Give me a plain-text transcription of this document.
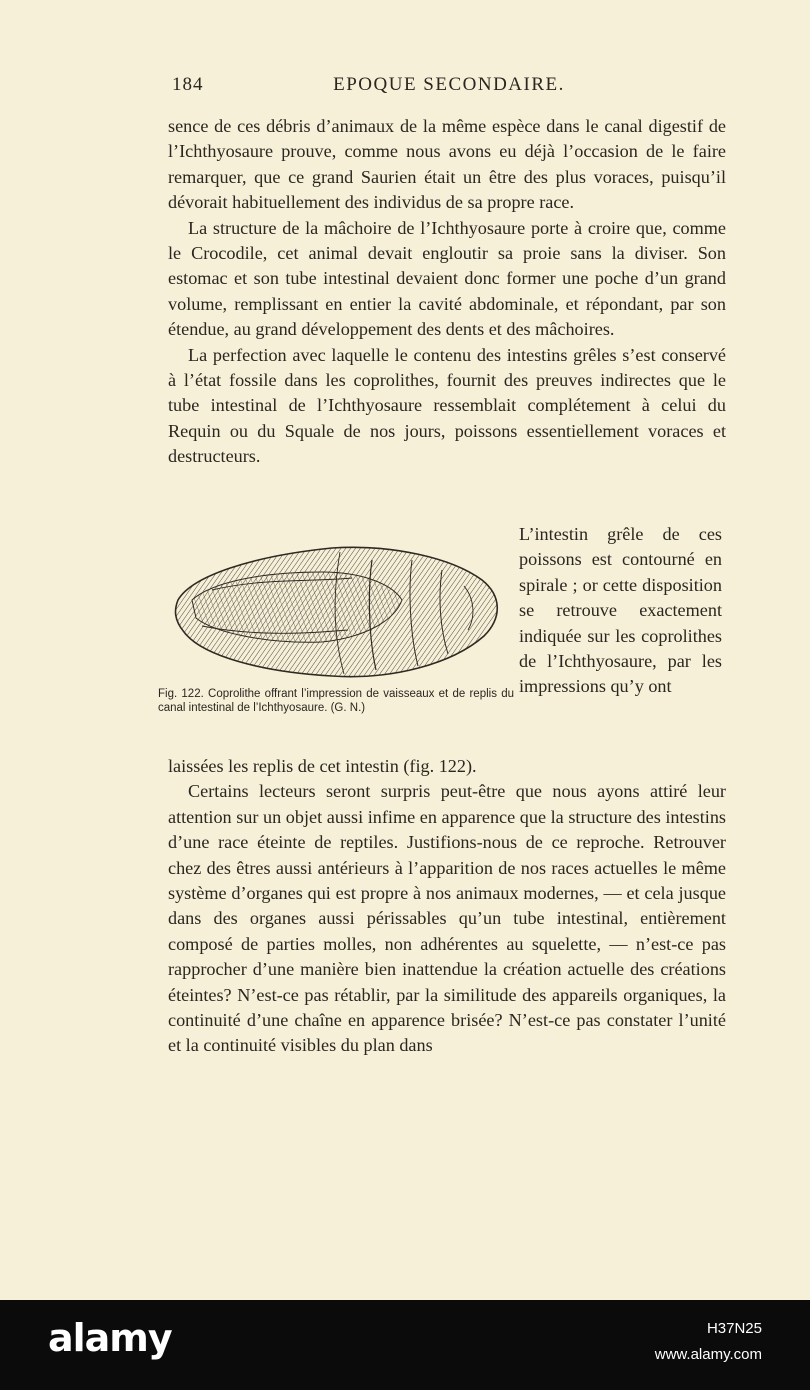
184	EPOQUE SECONDAIRE.

sence de ces débris d’animaux de la même espèce dans le canal digestif de l’Ichthyosaure prouve, comme nous avons eu déjà l’occasion de le faire remarquer, que ce grand Saurien était un être des plus voraces, puisqu’il dévorait habituellement des individus de sa propre race.

La structure de la mâchoire de l’Ichthyosaure porte à croire que, comme le Crocodile, cet animal devait engloutir sa proie sans la diviser. Son estomac et son tube intestinal devaient donc former une poche d’un grand volume, remplissant en entier la cavité abdominale, et répondant, par son étendue, au grand développement des dents et des mâchoires.

La perfection avec laquelle le contenu des intestins grêles s’est conservé à l’état fossile dans les coprolithes, fournit des preuves indirectes que le tube intestinal de l’Ichthyosaure ressemblait complétement à celui du Requin ou du Squale de nos jours, poissons essentiellement voraces et destructeurs.

L’intestin grêle de ces poissons est contourné en spirale ; or cette disposition se retrouve exactement indiquée sur les coprolithes de l’Ichthyosaure, par les impressions qu’y ont
Fig. 122. Coprolithe offrant l’impression de vaisseaux et de replis du canal intestinal de l’Ichthyosaure. (G. N.)

laissées les replis de cet intestin (fig. 122).

Certains lecteurs seront surpris peut-être que nous ayons attiré leur attention sur un objet aussi infime en apparence que la structure des intestins d’une race éteinte de reptiles. Justifions-nous de ce reproche. Retrouver chez des êtres aussi antérieurs à l’apparition de nos races actuelles le même système d’organes qui est propre à nos animaux modernes, — et cela jusque dans des organes aussi périssables qu’un tube intestinal, entièrement composé de parties molles, non adhérentes au squelette, — n’est-ce pas rapprocher d’une manière bien inattendue la création actuelle des créations éteintes? N’est-ce pas rétablir, par la similitude des appareils organiques, la continuité d’une chaîne en apparence brisée? N’est-ce pas constater l’unité et la continuité visibles du plan dans

alamy	H37N25
www.alamy.com
